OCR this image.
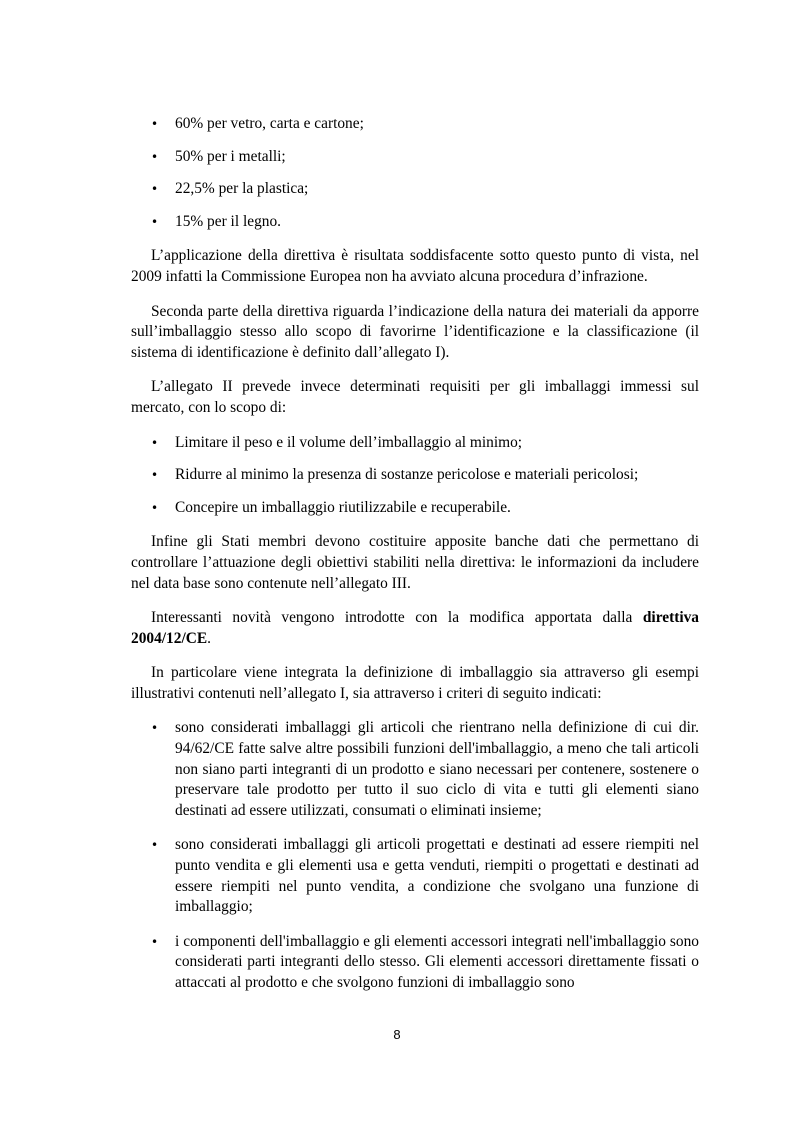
• 60% per vetro, carta e cartone;
• 50% per i metalli;
• 22,5% per la plastica;
• 15% per il legno.

L’applicazione della direttiva è risultata soddisfacente sotto questo punto di vista, nel 2009 infatti la Commissione Europea non ha avviato alcuna procedura d’infrazione.

Seconda parte della direttiva riguarda l’indicazione della natura dei materiali da apporre sull’imballaggio stesso allo scopo di favorirne l’identificazione e la classificazione (il sistema di identificazione è definito dall’allegato I).

L’allegato II prevede invece determinati requisiti per gli imballaggi immessi sul mercato, con lo scopo di:

• Limitare il peso e il volume dell’imballaggio al minimo;
• Ridurre al minimo la presenza di sostanze pericolose e materiali pericolosi;
• Concepire un imballaggio riutilizzabile e recuperabile.

Infine gli Stati membri devono costituire apposite banche dati che permettano di controllare l’attuazione degli obiettivi stabiliti nella direttiva: le informazioni da includere nel data base sono contenute nell’allegato III.

Interessanti novità vengono introdotte con la modifica apportata dalla direttiva 2004/12/CE.

In particolare viene integrata la definizione di imballaggio sia attraverso gli esempi illustrativi contenuti nell’allegato I, sia attraverso i criteri di seguito indicati:

• sono considerati imballaggi gli articoli che rientrano nella definizione di cui dir. 94/62/CE fatte salve altre possibili funzioni dell'imballaggio, a meno che tali articoli non siano parti integranti di un prodotto e siano necessari per contenere, sostenere o preservare tale prodotto per tutto il suo ciclo di vita e tutti gli elementi siano destinati ad essere utilizzati, consumati o eliminati insieme;
• sono considerati imballaggi gli articoli progettati e destinati ad essere riempiti nel punto vendita e gli elementi usa e getta venduti, riempiti o progettati e destinati ad essere riempiti nel punto vendita, a condizione che svolgano una funzione di imballaggio;
• i componenti dell'imballaggio e gli elementi accessori integrati nell'imballaggio sono considerati parti integranti dello stesso. Gli elementi accessori direttamente fissati o attaccati al prodotto e che svolgono funzioni di imballaggio sono
8
